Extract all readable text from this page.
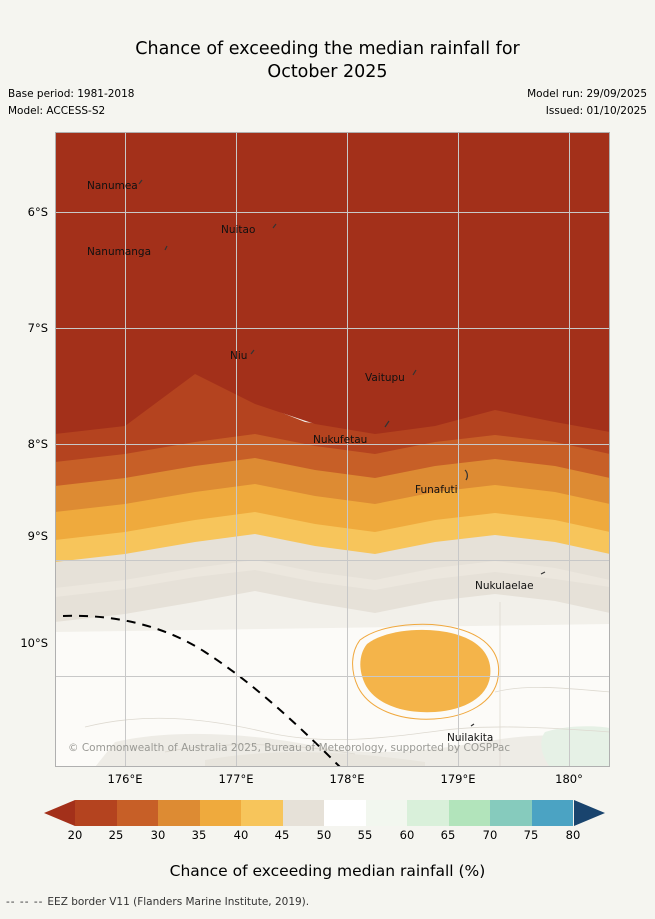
Chance of exceeding the median rainfall for
October 2025
Base period: 1981-2018
Model: ACCESS-S2
Model run: 29/09/2025
Issued: 01/10/2025
Nanumea
Nuitao
Nanumanga
Niu
Vaitupu
Nukufetau
Funafuti
Nukulaelae
Nuilakita
6°S
7°S
8°S
9°S
10°S
176°E	177°E	178°E	179°E	180°
© Commonwealth of Australia 2025, Bureau of Meteorology, supported by COSPPac
20	25	30	35	40	45	50	55	60	65	70	75	80
Chance of exceeding median rainfall (%)
-- -- -- EEZ border V11 (Flanders Marine Institute, 2019).
